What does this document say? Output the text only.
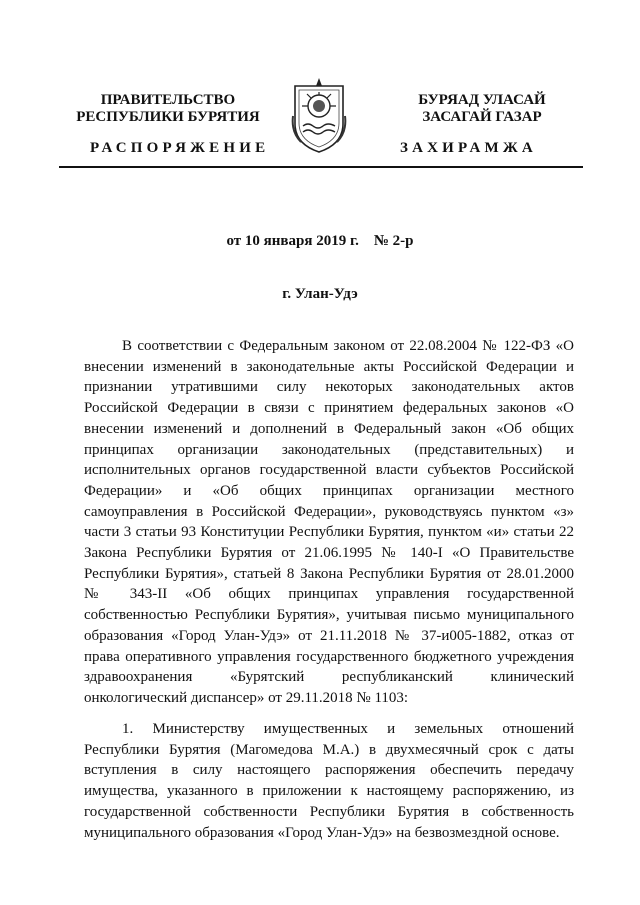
ПРАВИТЕЛЬСТВО
РЕСПУБЛИКИ БУРЯТИЯ
БУРЯАД УЛАСАЙ
ЗАСАГАЙ ГАЗАР
РАСПОРЯЖЕНИЕ	ЗАХИРАМЖА
от 10 января 2019 г.    № 2-р
г. Улан-Удэ
В соответствии с Федеральным законом от 22.08.2004 № 122-ФЗ «О внесении изменений в законодательные акты Российской Федерации и признании утратившими силу некоторых законодательных актов Российской Федерации в связи с принятием федеральных законов «О внесении изменений и дополнений в Федеральный закон «Об общих принципах организации законодательных (представительных) и исполнительных органов государственной власти субъектов Российской Федерации» и «Об общих принципах организации местного самоуправления в Российской Федерации», руководствуясь пунктом «з» части 3 статьи 93 Конституции Республики Бурятия, пунктом «и» статьи 22 Закона Республики Бурятия от 21.06.1995 № 140-I «О Правительстве Республики Бурятия», статьей 8 Закона Республики Бурятия от 28.01.2000 № 343-II «Об общих принципах управления государственной собственностью Республики Бурятия», учитывая письмо муниципального образования «Город Улан-Удэ» от 21.11.2018 № 37-и005-1882, отказ от права оперативного управления государственного бюджетного учреждения здравоохранения «Бурятский республиканский клинический онкологический диспансер» от 29.11.2018 № 1103:
1. Министерству имущественных и земельных отношений Республики Бурятия (Магомедова М.А.) в двухмесячный срок с даты вступления в силу настоящего распоряжения обеспечить передачу имущества, указанного в приложении к настоящему распоряжению, из государственной собственности Республики Бурятия в собственность муниципального образования «Город Улан-Удэ» на безвозмездной основе.
